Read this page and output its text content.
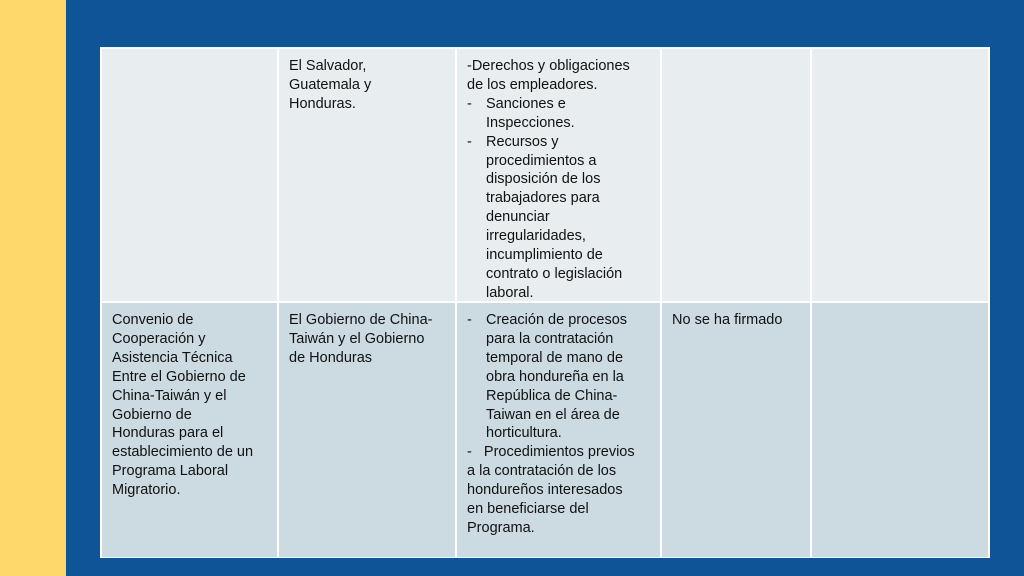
El Salvador,
Guatemala y
Honduras.
-Derechos y obligaciones
de los empleadores.
- Sanciones e
Inspecciones.
- Recursos y
procedimientos a
disposición de los
trabajadores para
denunciar
irregularidades,
incumplimiento de
contrato o legislación
laboral.
Convenio de
Cooperación y
Asistencia Técnica
Entre el Gobierno de
China-Taiwán y el
Gobierno de
Honduras para el
establecimiento de un
Programa Laboral
Migratorio.
El Gobierno de China-
Taiwán y el Gobierno
de Honduras
- Creación de procesos
para la contratación
temporal de mano de
obra hondureña en la
República de China-
Taiwan en el área de
horticultura.
-   Procedimientos previos
a la contratación de los
hondureños interesados
en beneficiarse del
Programa.
No se ha firmado
